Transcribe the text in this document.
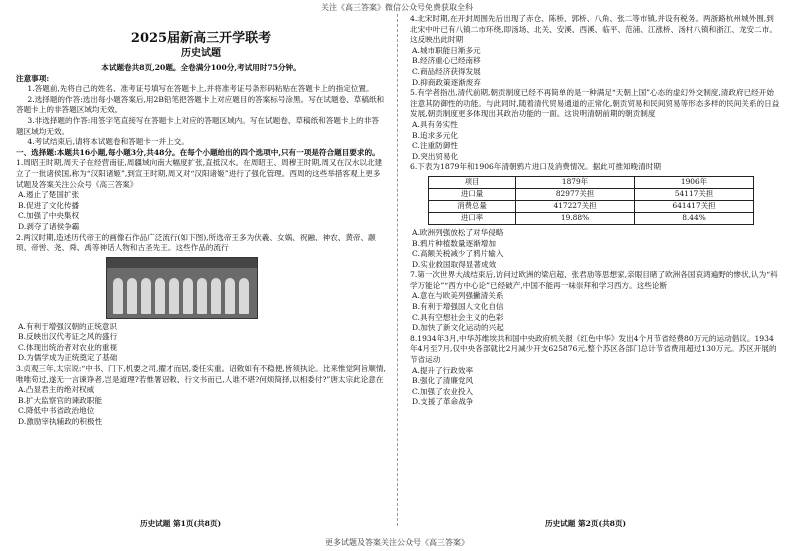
关注《高三答案》微信公众号免费获取全科
2025届新高三开学联考
历史试题
本试题卷共8页,20题。全卷满分100分,考试用时75分钟。

注意事项:

1.答题前,先将自己的姓名、准考证号填写在答题卡上,并将准考证号条形码粘贴在答题卡上的指定位置。

2.选择题的作答:选出每小题答案后,用2B铅笔把答题卡上对应题目的答案标号涂黑。写在试题卷、草稿纸和答题卡上的非答题区域均无效。

3.非选择题的作答:用签字笔直接写在答题卡上对应的答题区域内。写在试题卷、草稿纸和答题卡上的非答题区域均无效。

4.考试结束后,请将本试题卷和答题卡一并上交。

一、选择题:本题共16小题,每小题3分,共48分。在每个小题给出的四个选项中,只有一项是符合题目要求的。

1.周昭王时期,周天子在经营南征,周疆域向南大幅度扩张,直抵汉水。在周昭王、周穆王时期,周又在汉水以北建立了一批诸侯国,称为“汉阳诸姬”,到宣王时期,周又对“汉阳诸姬”进行了强化管理。西周的这些举措客观上更多试题及答案关注公众号《高三答案》

A.遏止了楚国扩张

B.促进了文化传播

C.加强了中央集权

D.剥夺了诸侯争霸

2.两汉时期,造述历代帝王的画像石作品广泛流行(如下图),所选帝王多为伏羲、女娲、祝融、神农、黄帝、颛顼、帝喾、尧、舜、禹等神话人物和古圣先王。这些作品的流行

A.有利于增强汉朝的正统意识

B.反映出汉代考证之风的盛行

C.体现出统治者对农业的重视

D.为儒学成为正统奠定了基础

3.贞观三年,太宗说:“中书、门下,机要之司,擢才而居,委任实重。诏敕如有不稳便,皆须执论。比来惟觉阿旨顺情,唯唯苟过,遂无一言谏诤者,岂是道理?若惟署诏敕、行文书而已,人谁不堪?何烦简择,以相委付?”唐太宗此论意在

A.凸显君主的绝对权威

B.扩大监察官的谏政职能

C.降低中书省政治地位

D.激励宰执辅政的积极性

历史试题 第1页(共8页)

4.北宋时期,在开封周围先后出现了赤仓、陈桥、郭桥、八角、张二等市镇,并设有税务。两浙路杭州城外围,到北宋中叶已有八镇二市环绕,即汤场、北关、安溪、西溪、临平、范浦、江涨桥、汤村八镇和浙江、龙安二市。这反映出此时期

A.城市职能日渐多元

B.经济重心已经南移

C.商品经济获得发展

D.抑商政策逐渐废弃

5.有学者指出,清代前期,朝贡制度已经不再简单的是一种满足“天朝上国”心态的虚幻外交制度,清政府已经开始注意其防御性的功能。与此同时,随着清代贸易通道的正常化,朝贡贸易和民间贸易等形态多样的民间关系的日益发展,朝贡制度更多体现出其政治功能的一面。这说明清朝前期的朝贡制度

A.具有务实性

B.追求多元化

C.注重防御性

D.突出贸易化

6.下表为1879年和1906年清朝鸦片进口及消费情况。据此可推知晚清时期

项目	1879年	1906年
进口量	82977关担	54117关担
消费总量	417227关担	641417关担
进口率	19.88%	8.44%

A.欧洲列强放松了对华侵略

B.鸦片种植数量逐渐增加

C.高额关税减少了鸦片输入

D.实业救国取得显著成效

7.第一次世界大战结束后,访问过欧洲的梁启超、张君劢等思想家,亲眼目睹了欧洲各国哀鸿遍野的惨状,认为“科学万能论”“西方中心论”已经破产,中国不能再一味崇拜和学习西方。这些论断

A.意在与欧美列强撇清关系

B.有利于增强国人文化自信

C.具有空想社会主义的色彩

D.加快了新文化运动的兴起

8.1934年3月,中华苏维埃共和国中央政府机关报《红色中华》发出4个月节省经费80万元的运动倡议。1934年4月至7月,仅中央各部就比2月减少开支625876元,整个苏区各部门总计节省费用超过130万元。苏区开展的节省运动

A.提升了行政效率

B.强化了清廉党风

C.加强了农业投入

D.支援了革命战争

历史试题 第2页(共8页)
更多试题及答案关注公众号《高三答案》
